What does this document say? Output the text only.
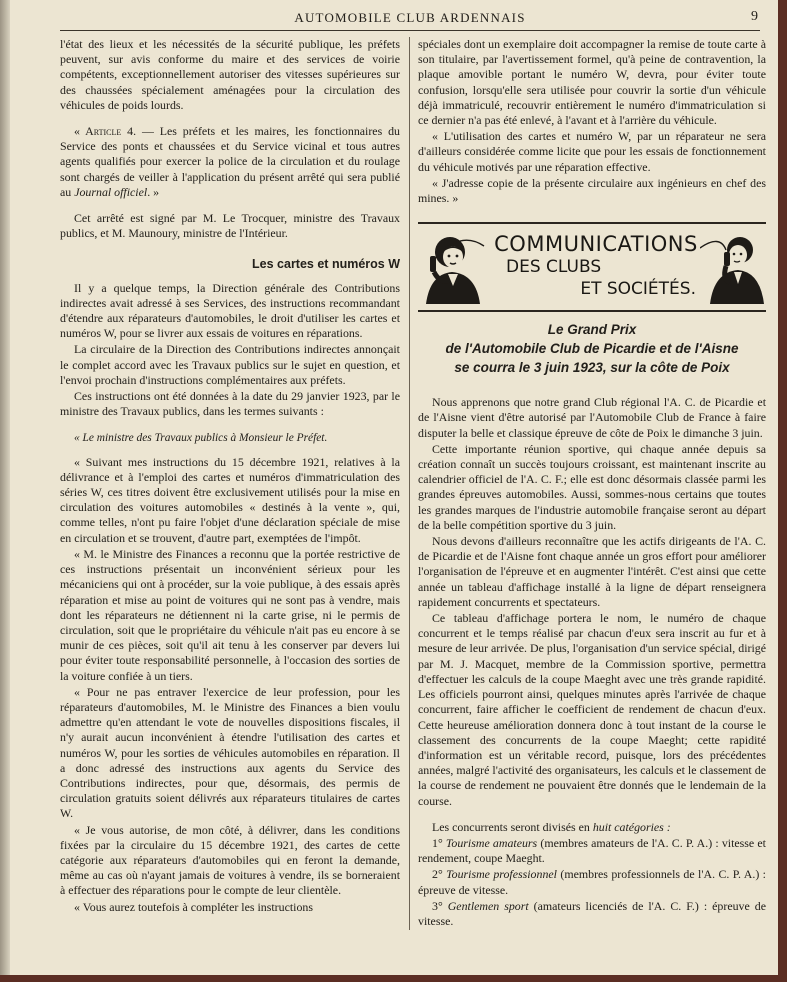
AUTOMOBILE CLUB ARDENNAIS	9

l'état des lieux et les nécessités de la sécurité publique, les préfets peuvent, sur avis conforme du maire et des services de voirie compétents, exceptionnellement autoriser des vitesses supérieures sur des chaussées spécialement aménagées pour la circulation des véhicules de poids lourds.

« Article 4. — Les préfets et les maires, les fonctionnaires du Service des ponts et chaussées et du Service vicinal et tous autres agents qualifiés pour exercer la police de la circulation et du roulage sont chargés de veiller à l'application du présent arrêté qui sera publié au Journal officiel. »

Cet arrêté est signé par M. Le Trocquer, ministre des Travaux publics, et M. Maunoury, ministre de l'Intérieur.

Les cartes et numéros W

Il y a quelque temps, la Direction générale des Contributions indirectes avait adressé à ses Services, des instructions recommandant d'étendre aux réparateurs d'automobiles, le droit d'utiliser les cartes et numéros W, pour se livrer aux essais de voitures en réparations.

La circulaire de la Direction des Contributions indirectes annonçait le complet accord avec les Travaux publics sur le sujet en question, et l'envoi prochain d'instructions complémentaires aux préfets.

Ces instructions ont été données à la date du 29 janvier 1923, par le ministre des Travaux publics, dans les termes suivants :

« Le ministre des Travaux publics à Monsieur le Préfet.

« Suivant mes instructions du 15 décembre 1921, relatives à la délivrance et à l'emploi des cartes et numéros d'immatriculation des séries W, ces titres doivent être exclusivement utilisés pour la mise en circulation des voitures automobiles « destinés à la vente », qui, comme telles, n'ont pu faire l'objet d'une déclaration spéciale de mise en circulation et se trouvent, d'autre part, exemptées de l'impôt.

« M. le Ministre des Finances a reconnu que la portée restrictive de ces instructions présentait un inconvénient sérieux pour les mécaniciens qui ont à procéder, sur la voie publique, à des essais après réparation et mise au point de voitures qui ne sont pas à vendre, mais dont les réparateurs ne détiennent ni la carte grise, ni le permis de circulation, soit que le propriétaire du véhicule n'ait pas eu encore à se munir de ces pièces, soit qu'il ait tenu à les conserver par devers lui pour éviter toute responsabilité personnelle, à l'occasion des sorties de la voiture confiée à un tiers.

« Pour ne pas entraver l'exercice de leur profession, pour les réparateurs d'automobiles, M. le Ministre des Finances a bien voulu admettre qu'en attendant le vote de nouvelles dispositions fiscales, il n'y aurait aucun inconvénient à étendre l'utilisation des cartes et numéros W, pour les sorties de véhicules automobiles en réparation. Il a donc adressé des instructions aux agents du Service des Contributions indirectes, pour que, désormais, des permis de circulation gratuits soient délivrés aux réparateurs titulaires de cartes W.

« Je vous autorise, de mon côté, à délivrer, dans les conditions fixées par la circulaire du 15 décembre 1921, des cartes de cette catégorie aux réparateurs d'automobiles qui en feront la demande, même au cas où n'ayant jamais de voitures à vendre, ils se borneraient à effectuer des réparations pour le compte de leur clientèle.

« Vous aurez toutefois à compléter les instructions

spéciales dont un exemplaire doit accompagner la remise de toute carte à son titulaire, par l'avertissement formel, qu'à peine de contravention, la plaque amovible portant le numéro W, devra, pour éviter toute confusion, lorsqu'elle sera utilisée pour couvrir la sortie d'un véhicule déjà immatriculé, recouvrir entièrement le numéro d'immatriculation si ce dernier n'a pas été enlevé, à l'avant et à l'arrière du véhicule.

« L'utilisation des cartes et numéro W, par un réparateur ne sera d'ailleurs considérée comme licite que pour les essais de fonctionnement du véhicule motivés par une réparation effective.

« J'adresse copie de la présente circulaire aux ingénieurs en chef des mines. »

COMMUNICATIONS
DES CLUBS
ET SOCIÉTÉS.
Le Grand Prix
de l'Automobile Club de Picardie et de l'Aisne
se courra le 3 juin 1923, sur la côte de Poix

Nous apprenons que notre grand Club régional l'A. C. de Picardie et de l'Aisne vient d'être autorisé par l'Automobile Club de France à faire disputer la belle et classique épreuve de côte de Poix le dimanche 3 juin.

Cette importante réunion sportive, qui chaque année depuis sa création connaît un succès toujours croissant, est maintenant inscrite au calendrier officiel de l'A. C. F.; elle est donc désormais classée parmi les grandes épreuves automobiles. Aussi, sommes-nous certains que toutes les grandes marques de l'industrie automobile française seront au départ de la belle compétition sportive du 3 juin.

Nous devons d'ailleurs reconnaître que les actifs dirigeants de l'A. C. de Picardie et de l'Aisne font chaque année un gros effort pour améliorer l'organisation de l'épreuve et en augmenter l'intérêt. C'est ainsi que cette année un tableau d'affichage installé à la ligne de départ renseignera rapidement concurrents et spectateurs.

Ce tableau d'affichage portera le nom, le numéro de chaque concurrent et le temps réalisé par chacun d'eux sera inscrit au fur et à mesure de leur arrivée. De plus, l'organisation d'un service spécial, dirigé par M. J. Macquet, membre de la Commission sportive, permettra d'effectuer les calculs de la coupe Maeght avec une très grande rapidité. Les officiels pourront ainsi, quelques minutes après l'arrivée de chaque concurrent, faire afficher le coefficient de rendement de chacun d'eux. Cette heureuse amélioration donnera donc à tout instant de la course le classement des concurrents de la coupe Maeght; cette rapidité d'information est un véritable record, puisque, lors des précédentes années, malgré l'activité des organisateurs, les calculs et le classement de la course de rendement ne pouvaient être donnés que le lendemain de la course.

Les concurrents seront divisés en huit catégories :

1° Tourisme amateurs (membres amateurs de l'A. C. P. A.) : vitesse et rendement, coupe Maeght.

2° Tourisme professionnel (membres professionnels de l'A. C. P. A.) : épreuve de vitesse.

3° Gentlemen sport (amateurs licenciés de l'A. C. F.) : épreuve de vitesse.
